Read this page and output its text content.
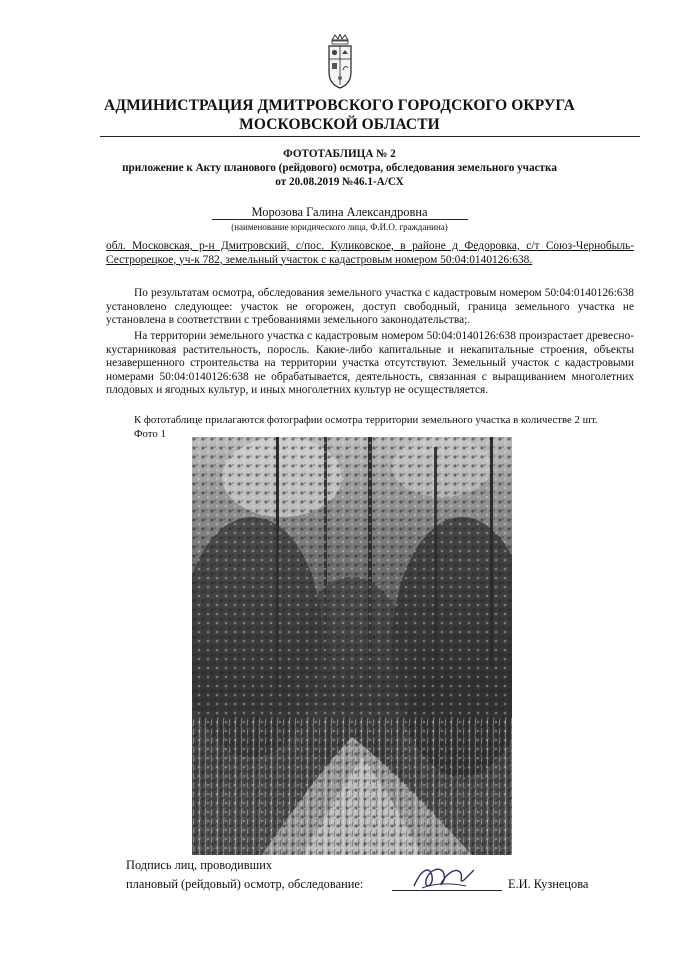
АДМИНИСТРАЦИЯ ДМИТРОВСКОГО ГОРОДСКОГО ОКРУГА
МОСКОВСКОЙ ОБЛАСТИ
ФОТОТАБЛИЦА № 2
приложение к Акту планового (рейдового) осмотра, обследования земельного участка
от 20.08.2019 №46.1-А/СХ
Морозова Галина Александровна
(наименование юридического лица, Ф.И.О. гражданина)
обл. Московская, р-н Дмитровский, с/пос. Куликовское, в районе д Федоровка, с/т Союз-Чернобыль-Сестрорецкое, уч-к 782, земельный участок с кадастровым номером 50:04:0140126:638.
По результатам осмотра, обследования земельного участка с кадастровым номером 50:04:0140126:638 установлено следующее: участок не огорожен, доступ свободный, граница земельного участка не установлена в соответствии с требованиями земельного законодательства;.
На территории земельного участка с кадастровым номером 50:04:0140126:638 произрастает древесно-кустарниковая растительность, поросль. Какие-либо капитальные и некапитальные строения, объекты незавершенного строительства на территории участка отсутствуют. Земельный участок с кадастровыми номерами 50:04:0140126:638 не обрабатывается, деятельность, связанная с выращиванием многолетних плодовых и ягодных культур, и иных многолетних культур не осуществляется.
К фототаблице прилагаются фотографии осмотра территории земельного участка в количестве 2 шт.
Фото 1
Подпись лиц, проводивших
плановый (рейдовый) осмотр, обследование:	Е.И. Кузнецова
